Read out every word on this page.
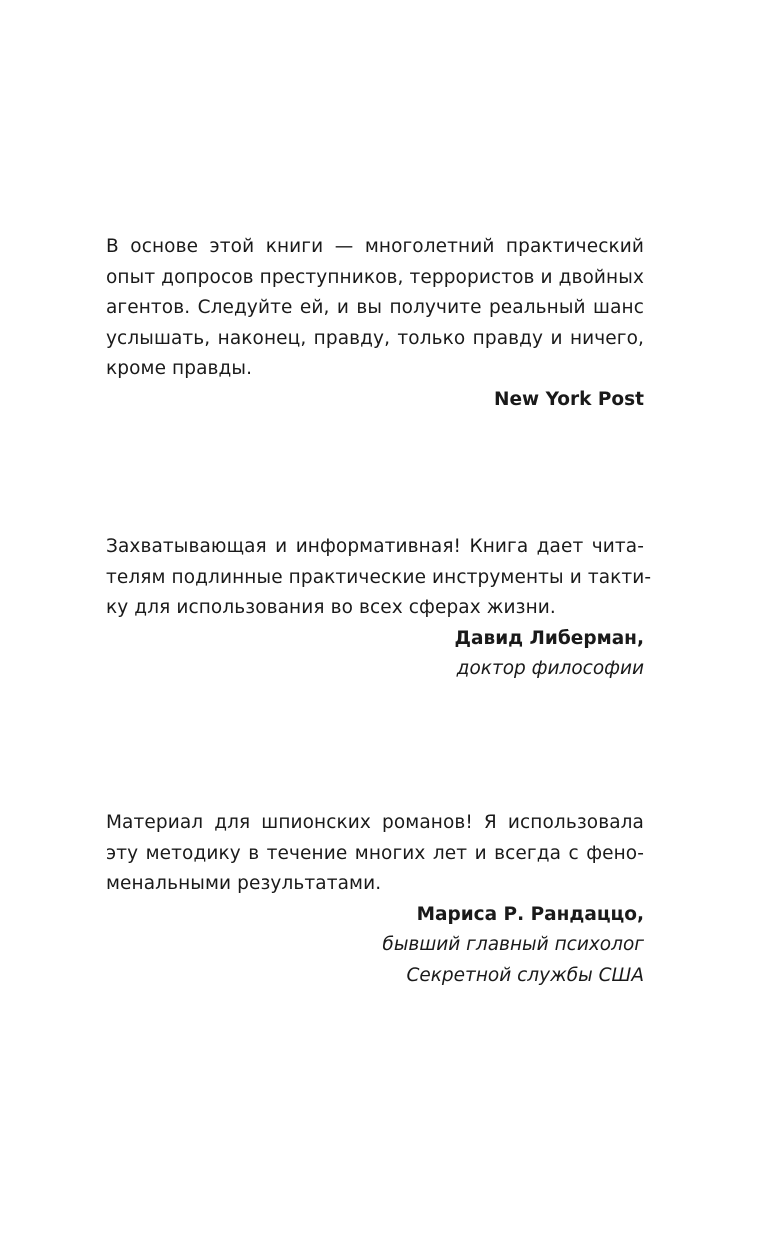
В основе этой книги — многолетний практический
опыт допросов преступников, террористов и двойных
агентов. Следуйте ей, и вы получите реальный шанс
услышать, наконец, правду, только правду и ничего,
кроме правды.
New York Post
Захватывающая и информативная! Книга дает чита-
телям подлинные практические инструменты и такти-
ку для использования во всех сферах жизни.
Давид Либерман,
доктор философии
Материал для шпионских романов! Я использовала
эту методику в течение многих лет и всегда с фено-
менальными результатами.
Мариса Р. Рандаццо,
бывший главный психолог
Секретной службы США
